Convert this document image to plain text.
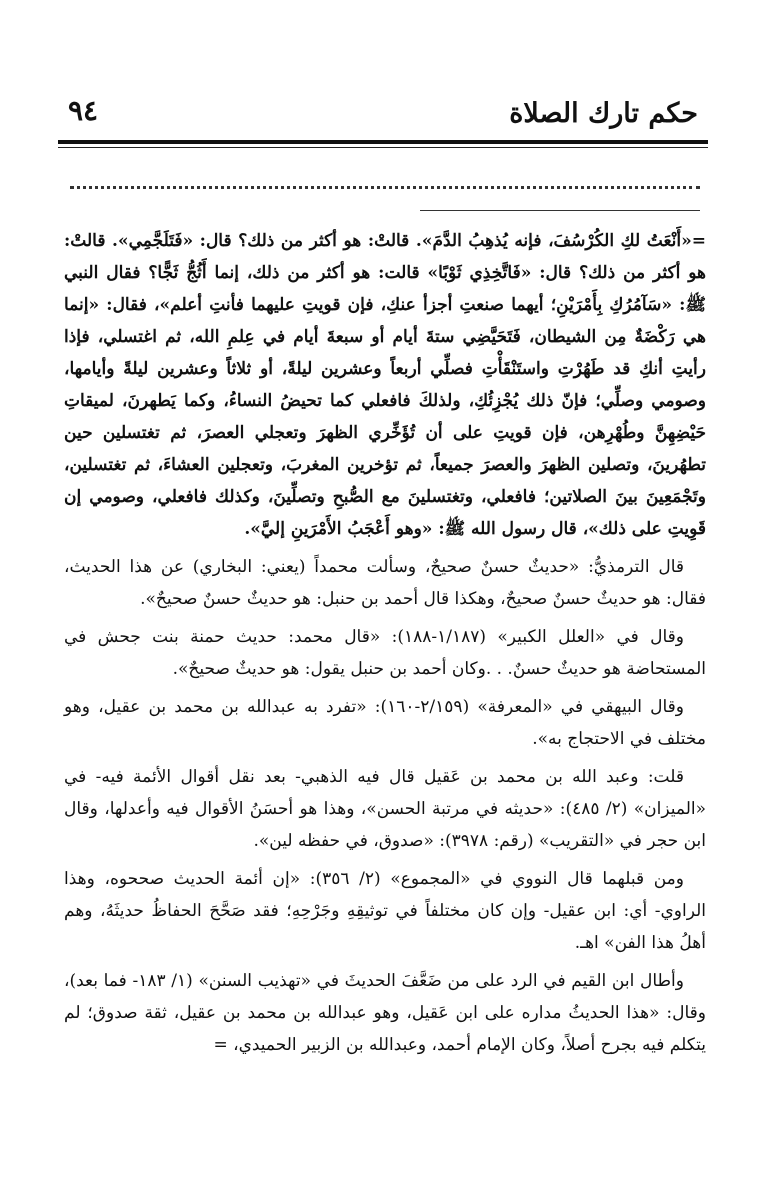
حكم تارك الصلاة
٩٤

=«أَنْعَتُ لكِ الكُرْسُفَ، فإنه يُذهِبُ الدَّمَ». قالتْ: هو أكثر من ذلك؟ قال: «فَتَلَجَّمِي». قالتْ: هو أكثر من ذلك؟ قال: «فَاتَّخِذِي ثَوْبًا» قالت: هو أكثر من ذلك، إنما أَثُجُّ ثَجًّا؟ فقال النبي ﷺ: «سَآمُرُكِ بِأَمْرَيْنِ؛ أيهما صنعتِ أجزأ عنكِ، فإن قويتِ عليهما فأنتِ أعلم»، فقال: «إنما هي رَكْضَةٌ مِن الشيطان، فَتَحَيَّضِي ستةَ أيام أو سبعةَ أيام في عِلمِ الله، ثم اغتسلي، فإذا رأيتِ أنكِ قد طَهُرْتِ واستَنْقَأْتِ فصلِّي أربعاً وعشرين ليلةً، أو ثلاثاً وعشرين ليلةً وأيامها، وصومي وصلِّي؛ فإنّ ذلك يُجْزِئُكِ، ولذلكَ فافعلي كما تحيضُ النساءُ، وكما يَطهرنَ، لميقاتِ حَيْضِهِنَّ وطُهْرِهن، فإن قويتِ على أن تُؤَخِّري الظهرَ وتعجلي العصرَ، ثم تغتسلين حين تطهُرينَ، وتصلين الظهرَ والعصرَ جميعاً، ثم تؤخرين المغربَ، وتعجلين العشاءَ، ثم تغتسلين، وتَجْمَعِينَ بينَ الصلاتين؛ فافعلي، وتغتسلينَ مع الصُّبحِ وتصلِّينَ، وكذلك فافعلي، وصومي إن قَوِيتِ على ذلك»، قال رسول الله ﷺ: «وهو أَعْجَبُ الأَمْرَينِ إليَّ».

قال الترمذيُّ: «حديثٌ حسنٌ صحيحٌ، وسألت محمداً (يعني: البخاري) عن هذا الحديث، فقال: هو حديثٌ حسنٌ صحيحٌ، وهكذا قال أحمد بن حنبل: هو حديثٌ حسنٌ صحيحٌ».

وقال في «العلل الكبير» (١/١٨٧-١٨٨): «قال محمد: حديث حمنة بنت جحش في المستحاضة هو حديثٌ حسنٌ. . .وكان أحمد بن حنبل يقول: هو حديثٌ صحيحٌ».

وقال البيهقي في «المعرفة» (٢/١٥٩-١٦٠): «تفرد به عبدالله بن محمد بن عقيل، وهو مختلف في الاحتجاج به».

قلت: وعبد الله بن محمد بن عَقيل قال فيه الذهبي- بعد نقل أقوال الأئمة فيه- في «الميزان» (٢/ ٤٨٥): «حديثه في مرتبة الحسن»، وهذا هو أحسَنُ الأقوال فيه وأعدلها، وقال ابن حجر في «التقريب» (رقم: ٣٩٧٨): «صدوق، في حفظه لين».

ومن قبلهما قال النووي في «المجموع» (٢/ ٣٥٦): «إن أئمة الحديث صححوه، وهذا الراوي- أي: ابن عقيل- وإن كان مختلفاً في توثيقِهِ وجَرْحِهِ؛ فقد صَحَّحَ الحفاظُ حديثَهُ، وهم أهلُ هذا الفن» اهـ.

وأطال ابن القيم في الرد على من ضَعَّفَ الحديثَ في «تهذيب السنن» (١/ ١٨٣- فما بعد)، وقال: «هذا الحديثُ مداره على ابن عَقيل، وهو عبدالله بن محمد بن عقيل، ثقة صدوق؛ لم يتكلم فيه بجرح أصلاً، وكان الإمام أحمد، وعبدالله بن الزبير الحميدي، =
